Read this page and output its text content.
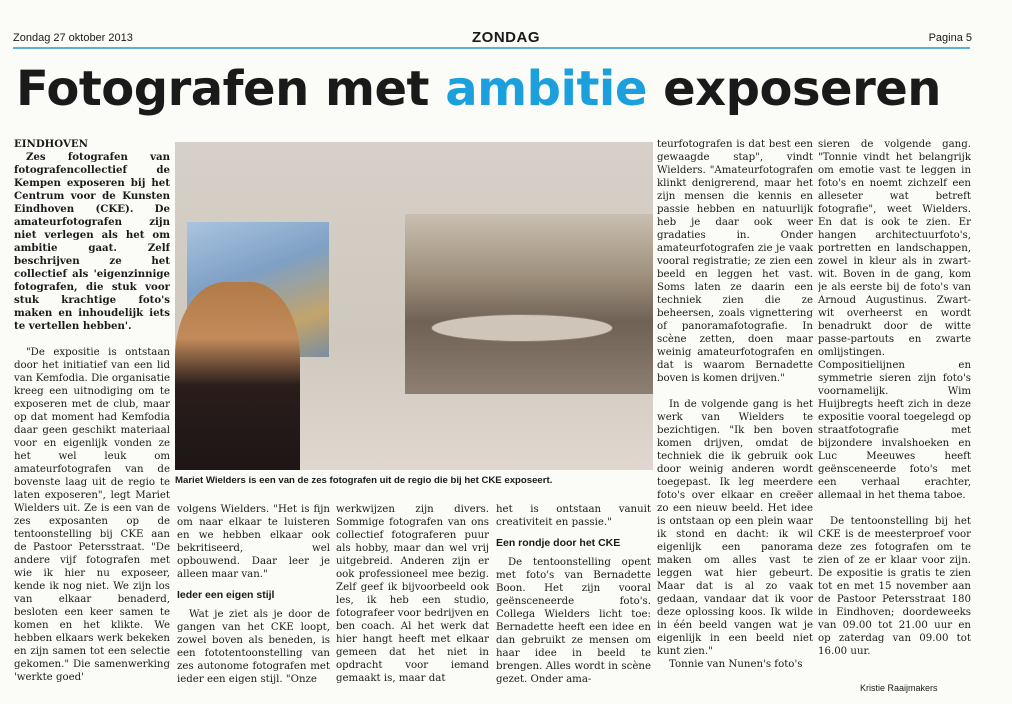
Zondag 27 oktober 2013	ZONDAG	Pagina 5
Fotografen met ambitie exposeren

EINDHOVEN

Zes fotografen van fotografencollectief de Kempen exposeren bij het Centrum voor de Kunsten Eindhoven (CKE). De amateurfotografen zijn niet verlegen als het om ambitie gaat. Zelf beschrijven ze het collectief als 'eigenzinnige fotografen, die stuk voor stuk krachtige foto's maken en inhoudelijk iets te vertellen hebben'.

"De expositie is ontstaan door het initiatief van een lid van Kemfodia. Die organisatie kreeg een uitnodiging om te exposeren met de club, maar op dat moment had Kemfodia daar geen geschikt materiaal voor en eigenlijk vonden ze het wel leuk om amateurfotografen van de bovenste laag uit de regio te laten exposeren", legt Mariet Wielders uit. Ze is een van de zes exposanten op de tentoonstelling bij CKE aan de Pastoor Petersstraat. "De andere vijf fotografen met wie ik hier nu exposeer, kende ik nog niet. We zijn los van elkaar benaderd, besloten een keer samen te komen en het klikte. We hebben elkaars werk bekeken en zijn samen tot een selectie gekomen." Die samenwerking 'werkte goed'

Mariet Wielders is een van de zes fotografen uit de regio die bij het CKE exposeert.

volgens Wielders. "Het is fijn om naar elkaar te luisteren en we hebben elkaar ook bekritiseerd, wel opbouwend. Daar leer je alleen maar van."

Ieder een eigen stijl

Wat je ziet als je door de gangen van het CKE loopt, zowel boven als beneden, is een fototentoonstelling van zes autonome fotografen met ieder een eigen stijl. "Onze

werkwijzen zijn divers. Sommige fotografen van ons collectief fotograferen puur als hobby, maar dan wel vrij uitgebreid. Anderen zijn er ook professioneel mee bezig. Zelf geef ik bijvoorbeeld ook les, ik heb een studio, fotografeer voor bedrijven en ben coach. Al het werk dat hier hangt heeft met elkaar gemeen dat het niet in opdracht voor iemand gemaakt is, maar dat

het is ontstaan vanuit creativiteit en passie."

Een rondje door het CKE

De tentoonstelling opent met foto's van Bernadette Boon. Het zijn vooral geënsceneerde foto's. Collega Wielders licht toe: Bernadette heeft een idee en dan gebruikt ze mensen om haar idee in beeld te brengen. Alles wordt in scène gezet. Onder ama-

teurfotografen is dat best een gewaagde stap", vindt Wielders. "Amateurfotografen klinkt denigrerend, maar het zijn mensen die kennis en passie hebben en natuurlijk heb je daar ook weer gradaties in. Onder amateurfotografen zie je vaak vooral registratie; ze zien een beeld en leggen het vast. Soms laten ze daarin een techniek zien die ze beheersen, zoals vignettering of panoramafotografie. In scène zetten, doen maar weinig amateurfotografen en dat is waarom Bernadette boven is komen drijven."

In de volgende gang is het werk van Wielders te bezichtigen. "Ik ben boven komen drijven, omdat de techniek die ik gebruik ook door weinig anderen wordt toegepast. Ik leg meerdere foto's over elkaar en creëer zo een nieuw beeld. Het idee is ontstaan op een plein waar ik stond en dacht: ik wil eigenlijk een panorama maken om alles vast te leggen wat hier gebeurt. Maar dat is al zo vaak gedaan, vandaar dat ik voor deze oplossing koos. Ik wilde in één beeld vangen wat je eigenlijk in een beeld niet kunt zien."

Tonnie van Nunen's foto's

sieren de volgende gang. "Tonnie vindt het belangrijk om emotie vast te leggen in foto's en noemt zichzelf een alleseter wat betreft fotografie", weet Wielders. En dat is ook te zien. Er hangen architectuurfoto's, portretten en landschappen, zowel in kleur als in zwart-wit. Boven in de gang, kom je als eerste bij de foto's van Arnoud Augustinus. Zwart-wit overheerst en wordt benadrukt door de witte passe-partouts en zwarte omlijstingen. Compositielijnen en symmetrie sieren zijn foto's voornamelijk. Wim Huijbregts heeft zich in deze expositie vooral toegelegd op straatfotografie met bijzondere invalshoeken en Luc Meeuwes heeft geënsceneerde foto's met een verhaal erachter, allemaal in het thema taboe.

De tentoonstelling bij het CKE is de meesterproef voor deze zes fotografen om te zien of ze er klaar voor zijn. De expositie is gratis te zien tot en met 15 november aan de Pastoor Petersstraat 180 in Eindhoven; doordeweeks van 09.00 tot 21.00 uur en op zaterdag van 09.00 tot 16.00 uur.

Kristie Raaijmakers
